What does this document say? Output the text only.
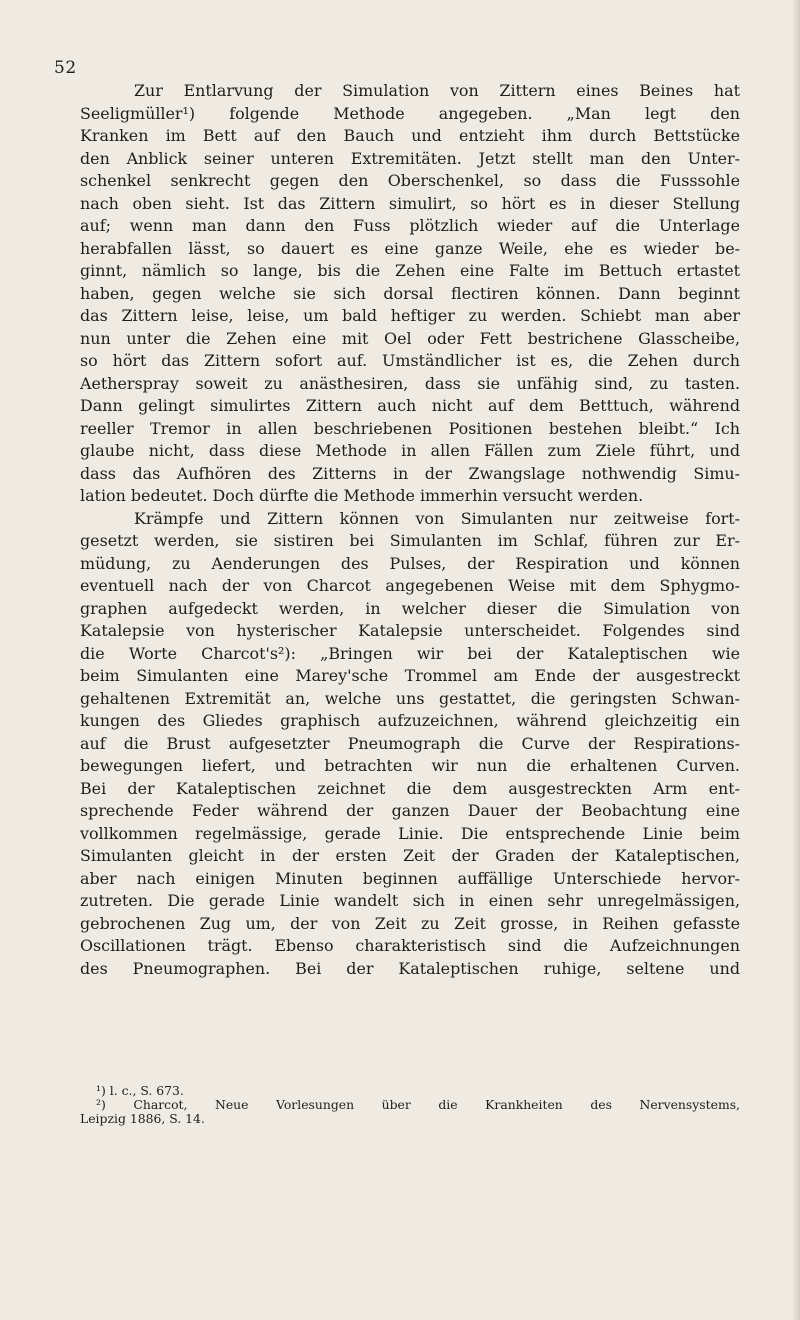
52
Zur Entlarvung der Simulation von Zittern eines Beines hat
Seeligmüller¹) folgende Methode angegeben. „Man legt den
Kranken im Bett auf den Bauch und entzieht ihm durch Bettstücke
den Anblick seiner unteren Extremitäten. Jetzt stellt man den Unter-
schenkel senkrecht gegen den Oberschenkel, so dass die Fusssohle
nach oben sieht. Ist das Zittern simulirt, so hört es in dieser Stellung
auf; wenn man dann den Fuss plötzlich wieder auf die Unterlage
herabfallen lässt, so dauert es eine ganze Weile, ehe es wieder be-
ginnt, nämlich so lange, bis die Zehen eine Falte im Bettuch ertastet
haben, gegen welche sie sich dorsal flectiren können. Dann beginnt
das Zittern leise, leise, um bald heftiger zu werden. Schiebt man aber
nun unter die Zehen eine mit Oel oder Fett bestrichene Glasscheibe,
so hört das Zittern sofort auf. Umständlicher ist es, die Zehen durch
Aetherspray soweit zu anästhesiren, dass sie unfähig sind, zu tasten.
Dann gelingt simulirtes Zittern auch nicht auf dem Betttuch, während
reeller Tremor in allen beschriebenen Positionen bestehen bleibt.“ Ich
glaube nicht, dass diese Methode in allen Fällen zum Ziele führt, und
dass das Aufhören des Zitterns in der Zwangslage nothwendig Simu-
lation bedeutet. Doch dürfte die Methode immerhin versucht werden.
Krämpfe und Zittern können von Simulanten nur zeitweise fort-
gesetzt werden, sie sistiren bei Simulanten im Schlaf, führen zur Er-
müdung, zu Aenderungen des Pulses, der Respiration und können
eventuell nach der von Charcot angegebenen Weise mit dem Sphygmo-
graphen aufgedeckt werden, in welcher dieser die Simulation von
Katalepsie von hysterischer Katalepsie unterscheidet. Folgendes sind
die Worte Charcot's²): „Bringen wir bei der Kataleptischen wie
beim Simulanten eine Marey'sche Trommel am Ende der ausgestreckt
gehaltenen Extremität an, welche uns gestattet, die geringsten Schwan-
kungen des Gliedes graphisch aufzuzeichnen, während gleichzeitig ein
auf die Brust aufgesetzter Pneumograph die Curve der Respirations-
bewegungen liefert, und betrachten wir nun die erhaltenen Curven.
Bei der Kataleptischen zeichnet die dem ausgestreckten Arm ent-
sprechende Feder während der ganzen Dauer der Beobachtung eine
vollkommen regelmässige, gerade Linie. Die entsprechende Linie beim
Simulanten gleicht in der ersten Zeit der Graden der Kataleptischen,
aber nach einigen Minuten beginnen auffällige Unterschiede hervor-
zutreten. Die gerade Linie wandelt sich in einen sehr unregelmässigen,
gebrochenen Zug um, der von Zeit zu Zeit grosse, in Reihen gefasste
Oscillationen trägt. Ebenso charakteristisch sind die Aufzeichnungen
des Pneumographen. Bei der Kataleptischen ruhige, seltene und
¹) l. c., S. 673.
²) Charcot, Neue Vorlesungen über die Krankheiten des Nervensystems,
Leipzig 1886, S. 14.
